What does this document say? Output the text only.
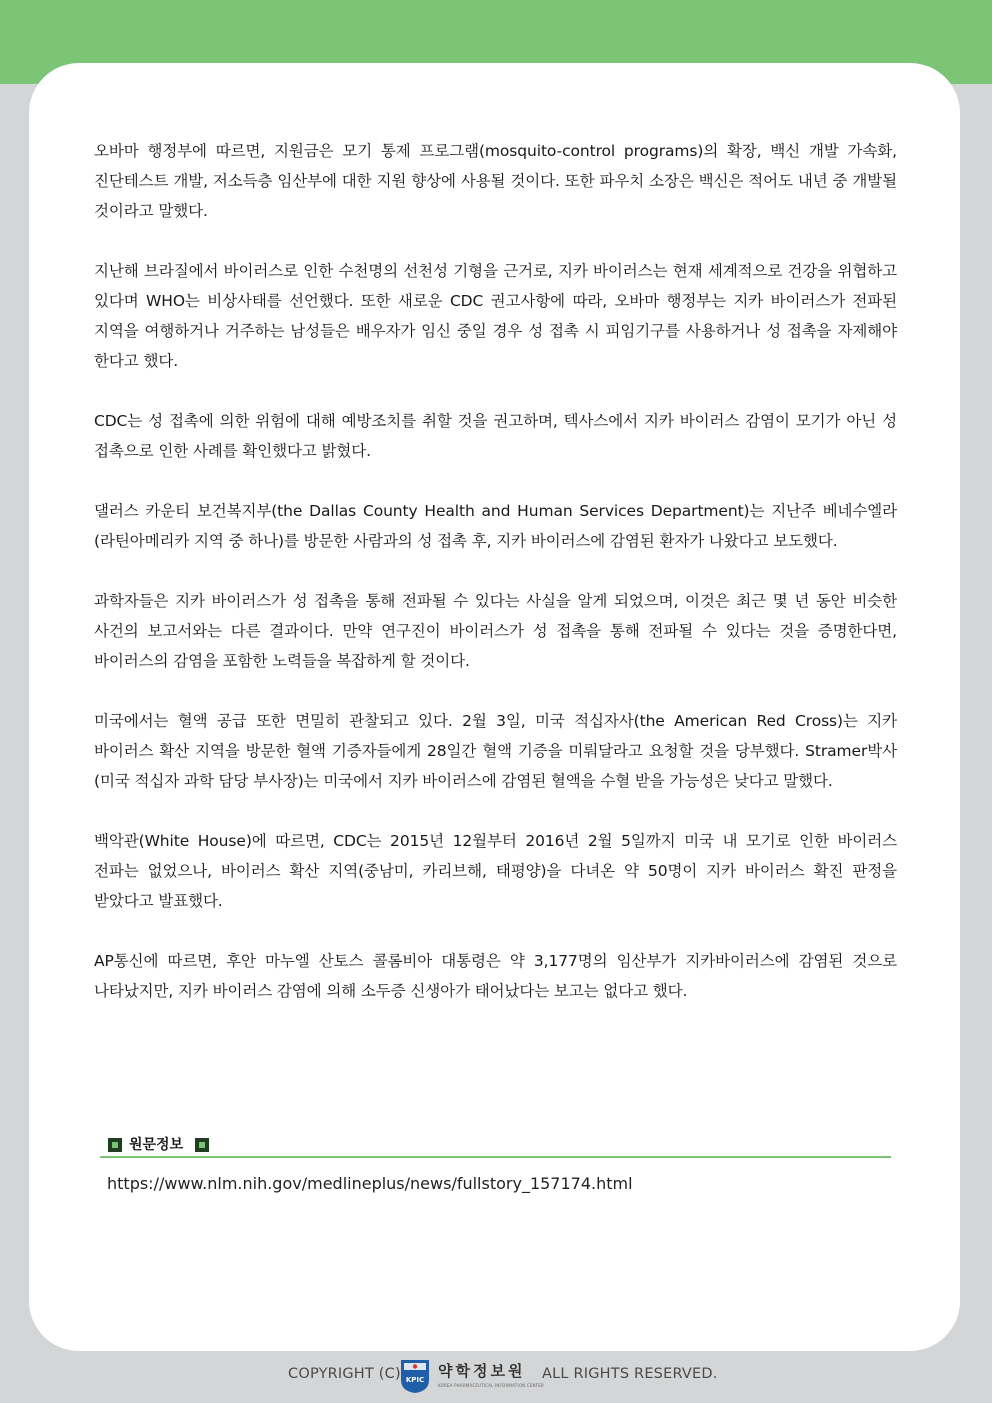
오바마 행정부에 따르면, 지원금은 모기 통제 프로그램(mosquito-control programs)의 확장, 백신 개발 가속화, 진단테스트 개발, 저소득층 임산부에 대한 지원 향상에 사용될 것이다. 또한 파우치 소장은 백신은 적어도 내년 중 개발될 것이라고 말했다.

지난해 브라질에서 바이러스로 인한 수천명의 선천성 기형을 근거로, 지카 바이러스는 현재 세계적으로 건강을 위협하고 있다며 WHO는 비상사태를 선언했다. 또한 새로운 CDC 권고사항에 따라, 오바마 행정부는 지카 바이러스가 전파된 지역을 여행하거나 거주하는 남성들은 배우자가 임신 중일 경우 성 접촉 시 피임기구를 사용하거나 성 접촉을 자제해야 한다고 했다.

CDC는 성 접촉에 의한 위험에 대해 예방조치를 취할 것을 권고하며, 텍사스에서 지카 바이러스 감염이 모기가 아닌 성 접촉으로 인한 사례를 확인했다고 밝혔다.

댈러스 카운티 보건복지부(the Dallas County Health and Human Services Department)는 지난주 베네수엘라(라틴아메리카 지역 중 하나)를 방문한 사람과의 성 접촉 후, 지카 바이러스에 감염된 환자가 나왔다고 보도했다.

과학자들은 지카 바이러스가 성 접촉을 통해 전파될 수 있다는 사실을 알게 되었으며, 이것은 최근 몇 년 동안 비슷한 사건의 보고서와는 다른 결과이다. 만약 연구진이 바이러스가 성 접촉을 통해 전파될 수 있다는 것을 증명한다면, 바이러스의 감염을 포함한 노력들을 복잡하게 할 것이다.

미국에서는 혈액 공급 또한 면밀히 관찰되고 있다. 2월 3일, 미국 적십자사(the American Red Cross)는 지카 바이러스 확산 지역을 방문한 혈액 기증자들에게 28일간 혈액 기증을 미뤄달라고 요청할 것을 당부했다. Stramer박사(미국 적십자 과학 담당 부사장)는 미국에서 지카 바이러스에 감염된 혈액을 수혈 받을 가능성은 낮다고 말했다.

백악관(White House)에 따르면, CDC는 2015년 12월부터 2016년 2월 5일까지 미국 내 모기로 인한 바이러스 전파는 없었으나, 바이러스 확산 지역(중남미, 카리브해, 태평양)을 다녀온 약 50명이 지카 바이러스 확진 판정을 받았다고 발표했다.

AP통신에 따르면, 후안 마누엘 산토스 콜롬비아 대통령은 약 3,177명의 임산부가 지카바이러스에 감염된 것으로 나타났지만, 지카 바이러스 감염에 의해 소두증 신생아가 태어났다는 보고는 없다고 했다.

원문정보
https://www.nlm.nih.gov/medlineplus/news/fullstory_157174.html
COPYRIGHT (C) KPIC 약학정보원
KOREA PHARMACEUTICAL INFORMATION CENTER
ALL RIGHTS RESERVED.
